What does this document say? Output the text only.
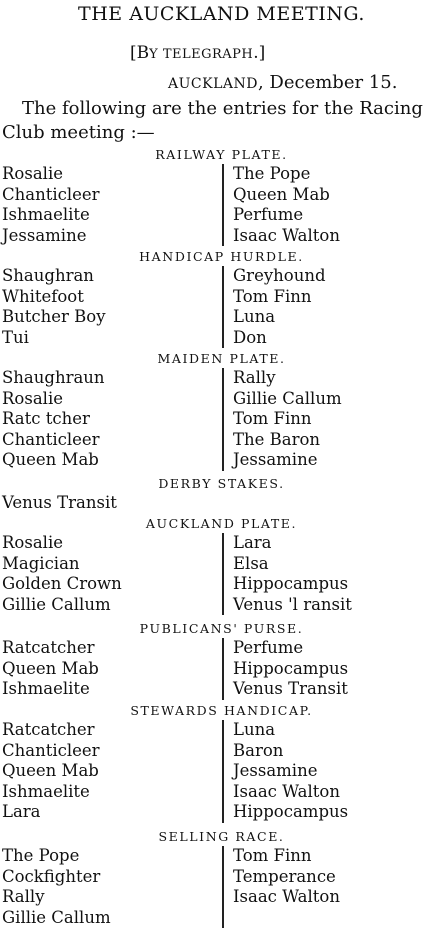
THE AUCKLAND MEETING.
[BY TELEGRAPH.]
AUCKLAND, December 15.
The following are the entries for the Racing
Club meeting :—
RAILWAY PLATE.
Rosalie
Chanticleer
Ishmaelite
Jessamine
The Pope
Queen Mab
Perfume
Isaac Walton
HANDICAP HURDLE.
Shaughran
Whitefoot
Butcher Boy
Tui
Greyhound
Tom Finn
Luna
Don
MAIDEN PLATE.
Shaughraun
Rosalie
Ratc tcher
Chanticleer
Queen Mab
Rally
Gillie Callum
Tom Finn
The Baron
Jessamine
DERBY STAKES.
Venus Transit
AUCKLAND PLATE.
Rosalie
Magician
Golden Crown
Gillie Callum
Lara
Elsa
Hippocampus
Venus 'l ransit
PUBLICANS' PURSE.
Ratcatcher
Queen Mab
Ishmaelite
Perfume
Hippocampus
Venus Transit
STEWARDS HANDICAP.
Ratcatcher
Chanticleer
Queen Mab
Ishmaelite
Lara
Luna
Baron
Jessamine
Isaac Walton
Hippocampus
SELLING RACE.
The Pope
Cockfighter
Rally
Gillie Callum
Tom Finn
Temperance
Isaac Walton
